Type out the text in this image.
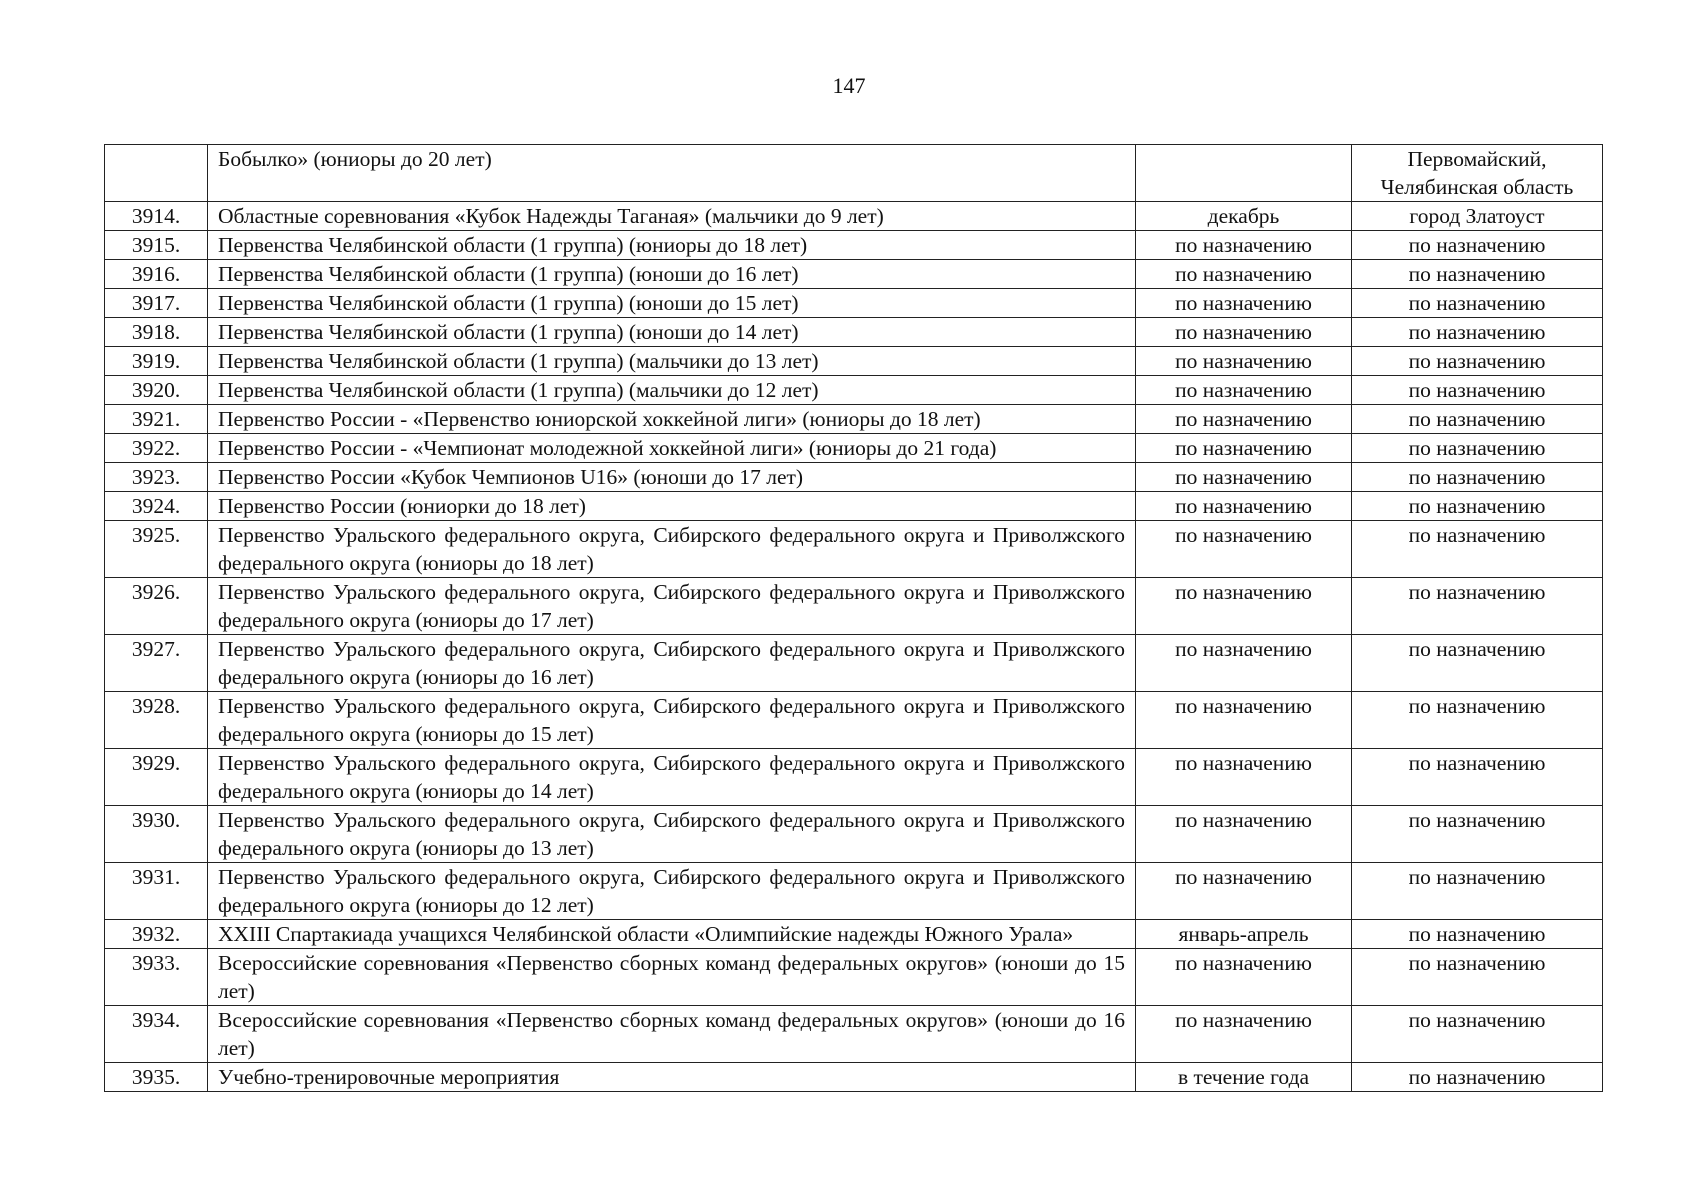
147
	Бобылко» (юниоры до 20 лет)		Первомайский, Челябинская область
3914.	Областные соревнования «Кубок Надежды Таганая» (мальчики до 9 лет)	декабрь	город Златоуст
3915.	Первенства Челябинской области (1 группа) (юниоры до 18 лет)	по назначению	по назначению
3916.	Первенства Челябинской области (1 группа) (юноши до 16 лет)	по назначению	по назначению
3917.	Первенства Челябинской области (1 группа) (юноши до 15 лет)	по назначению	по назначению
3918.	Первенства Челябинской области (1 группа) (юноши до 14 лет)	по назначению	по назначению
3919.	Первенства Челябинской области (1 группа) (мальчики до 13 лет)	по назначению	по назначению
3920.	Первенства Челябинской области (1 группа) (мальчики до 12 лет)	по назначению	по назначению
3921.	Первенство России - «Первенство юниорской хоккейной лиги» (юниоры до 18 лет)	по назначению	по назначению
3922.	Первенство России - «Чемпионат молодежной хоккейной лиги» (юниоры до 21 года)	по назначению	по назначению
3923.	Первенство России «Кубок Чемпионов U16» (юноши до 17 лет)	по назначению	по назначению
3924.	Первенство России (юниорки до 18 лет)	по назначению	по назначению
3925.	Первенство Уральского федерального округа, Сибирского федерального округа и Приволжского федерального округа (юниоры до 18 лет)	по назначению	по назначению
3926.	Первенство Уральского федерального округа, Сибирского федерального округа и Приволжского федерального округа (юниоры до 17 лет)	по назначению	по назначению
3927.	Первенство Уральского федерального округа, Сибирского федерального округа и Приволжского федерального округа (юниоры до 16 лет)	по назначению	по назначению
3928.	Первенство Уральского федерального округа, Сибирского федерального округа и Приволжского федерального округа (юниоры до 15 лет)	по назначению	по назначению
3929.	Первенство Уральского федерального округа, Сибирского федерального округа и Приволжского федерального округа (юниоры до 14 лет)	по назначению	по назначению
3930.	Первенство Уральского федерального округа, Сибирского федерального округа и Приволжского федерального округа (юниоры до 13 лет)	по назначению	по назначению
3931.	Первенство Уральского федерального округа, Сибирского федерального округа и Приволжского федерального округа (юниоры до 12 лет)	по назначению	по назначению
3932.	XXIII Спартакиада учащихся Челябинской области «Олимпийские надежды Южного Урала»	январь-апрель	по назначению
3933.	Всероссийские соревнования «Первенство сборных команд федеральных округов» (юноши до 15 лет)	по назначению	по назначению
3934.	Всероссийские соревнования «Первенство сборных команд федеральных округов» (юноши до 16 лет)	по назначению	по назначению
3935.	Учебно-тренировочные мероприятия	в течение года	по назначению
